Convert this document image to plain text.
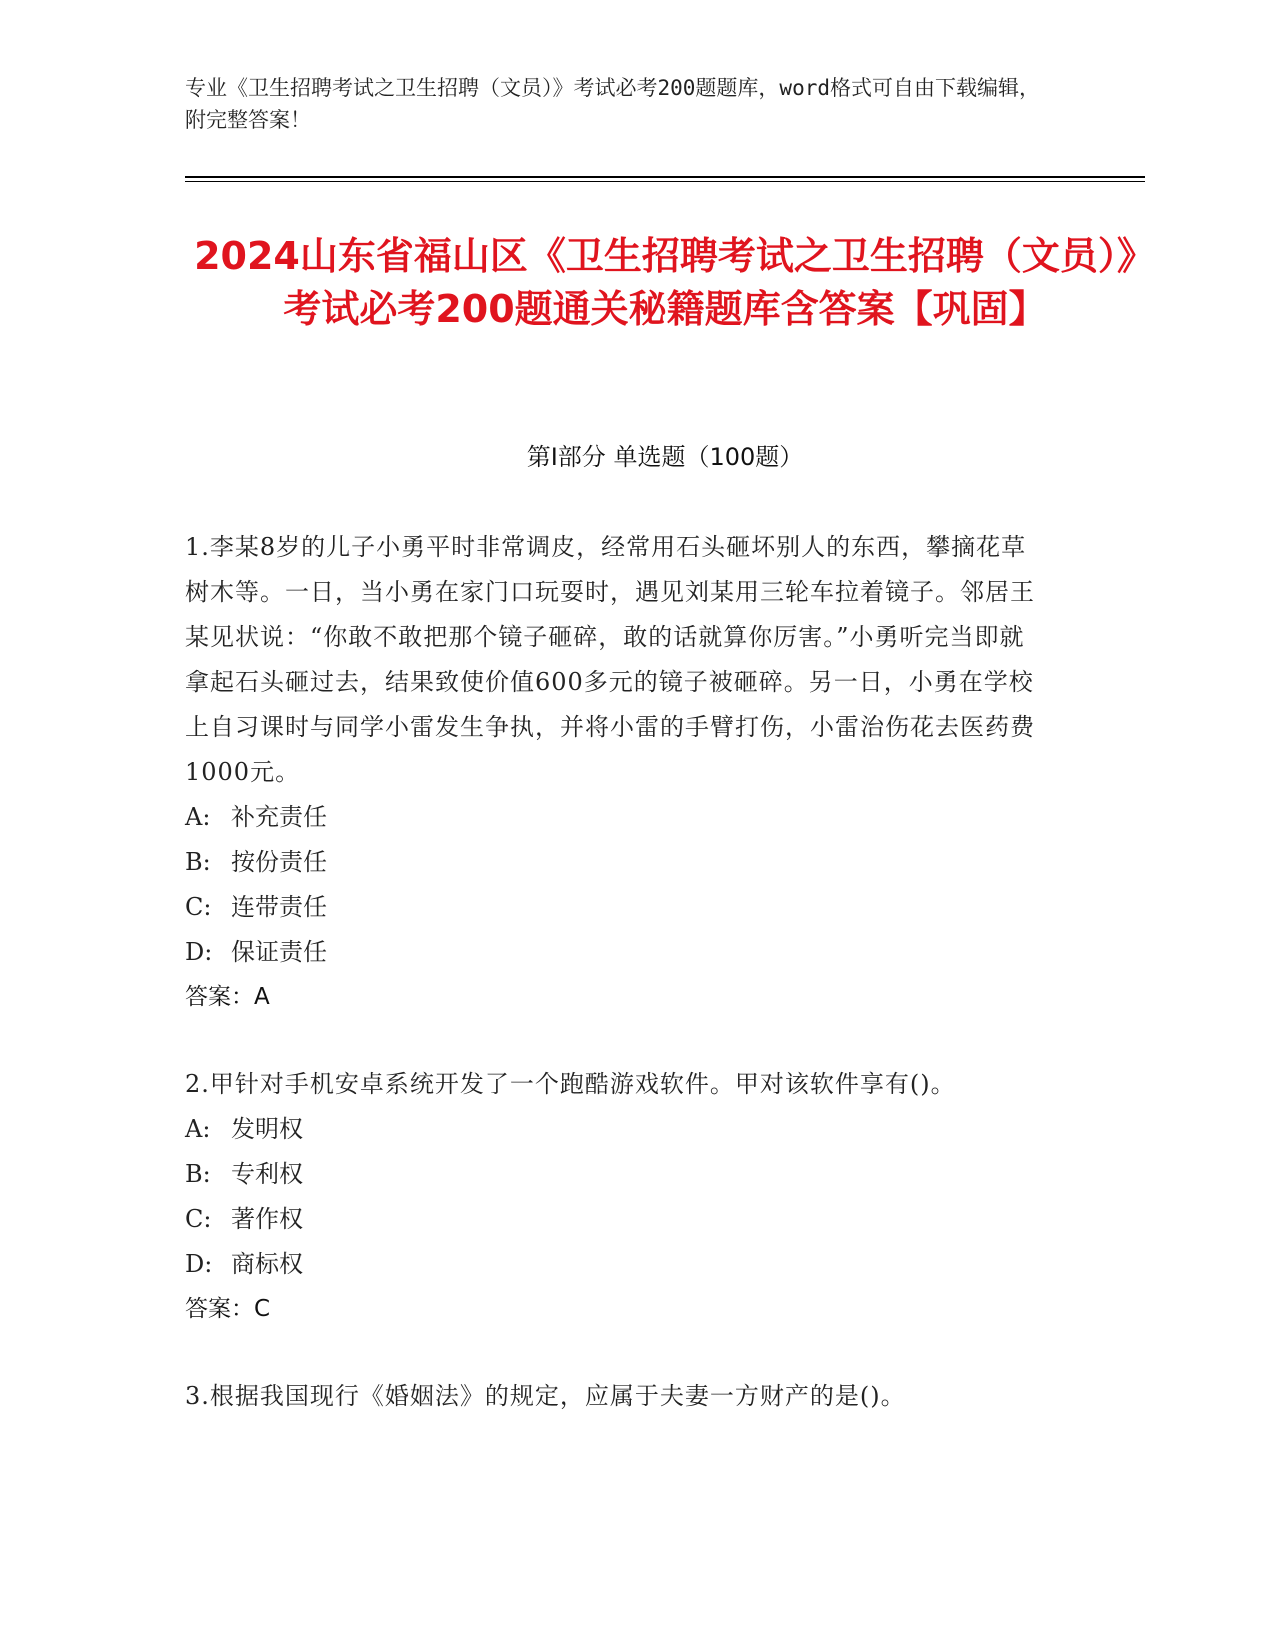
专业《卫生招聘考试之卫生招聘（文员）》考试必考200题题库，word格式可自由下载编辑，附完整答案！
2024山东省福山区《卫生招聘考试之卫生招聘（文员）》考试必考200题通关秘籍题库含答案【巩固】
第Ⅰ部分 单选题（100题）
1.李某8岁的儿子小勇平时非常调皮，经常用石头砸坏别人的东西，攀摘花草树木等。一日，当小勇在家门口玩耍时，遇见刘某用三轮车拉着镜子。邻居王某见状说：“你敢不敢把那个镜子砸碎，敢的话就算你厉害。”小勇听完当即就拿起石头砸过去，结果致使价值600多元的镜子被砸碎。另一日，小勇在学校上自习课时与同学小雷发生争执，并将小雷的手臂打伤，小雷治伤花去医药费1000元。
A: 补充责任
B: 按份责任
C: 连带责任
D: 保证责任
答案：A
2.甲针对手机安卓系统开发了一个跑酷游戏软件。甲对该软件享有()。
A: 发明权
B: 专利权
C: 著作权
D: 商标权
答案：C
3.根据我国现行《婚姻法》的规定，应属于夫妻一方财产的是()。
